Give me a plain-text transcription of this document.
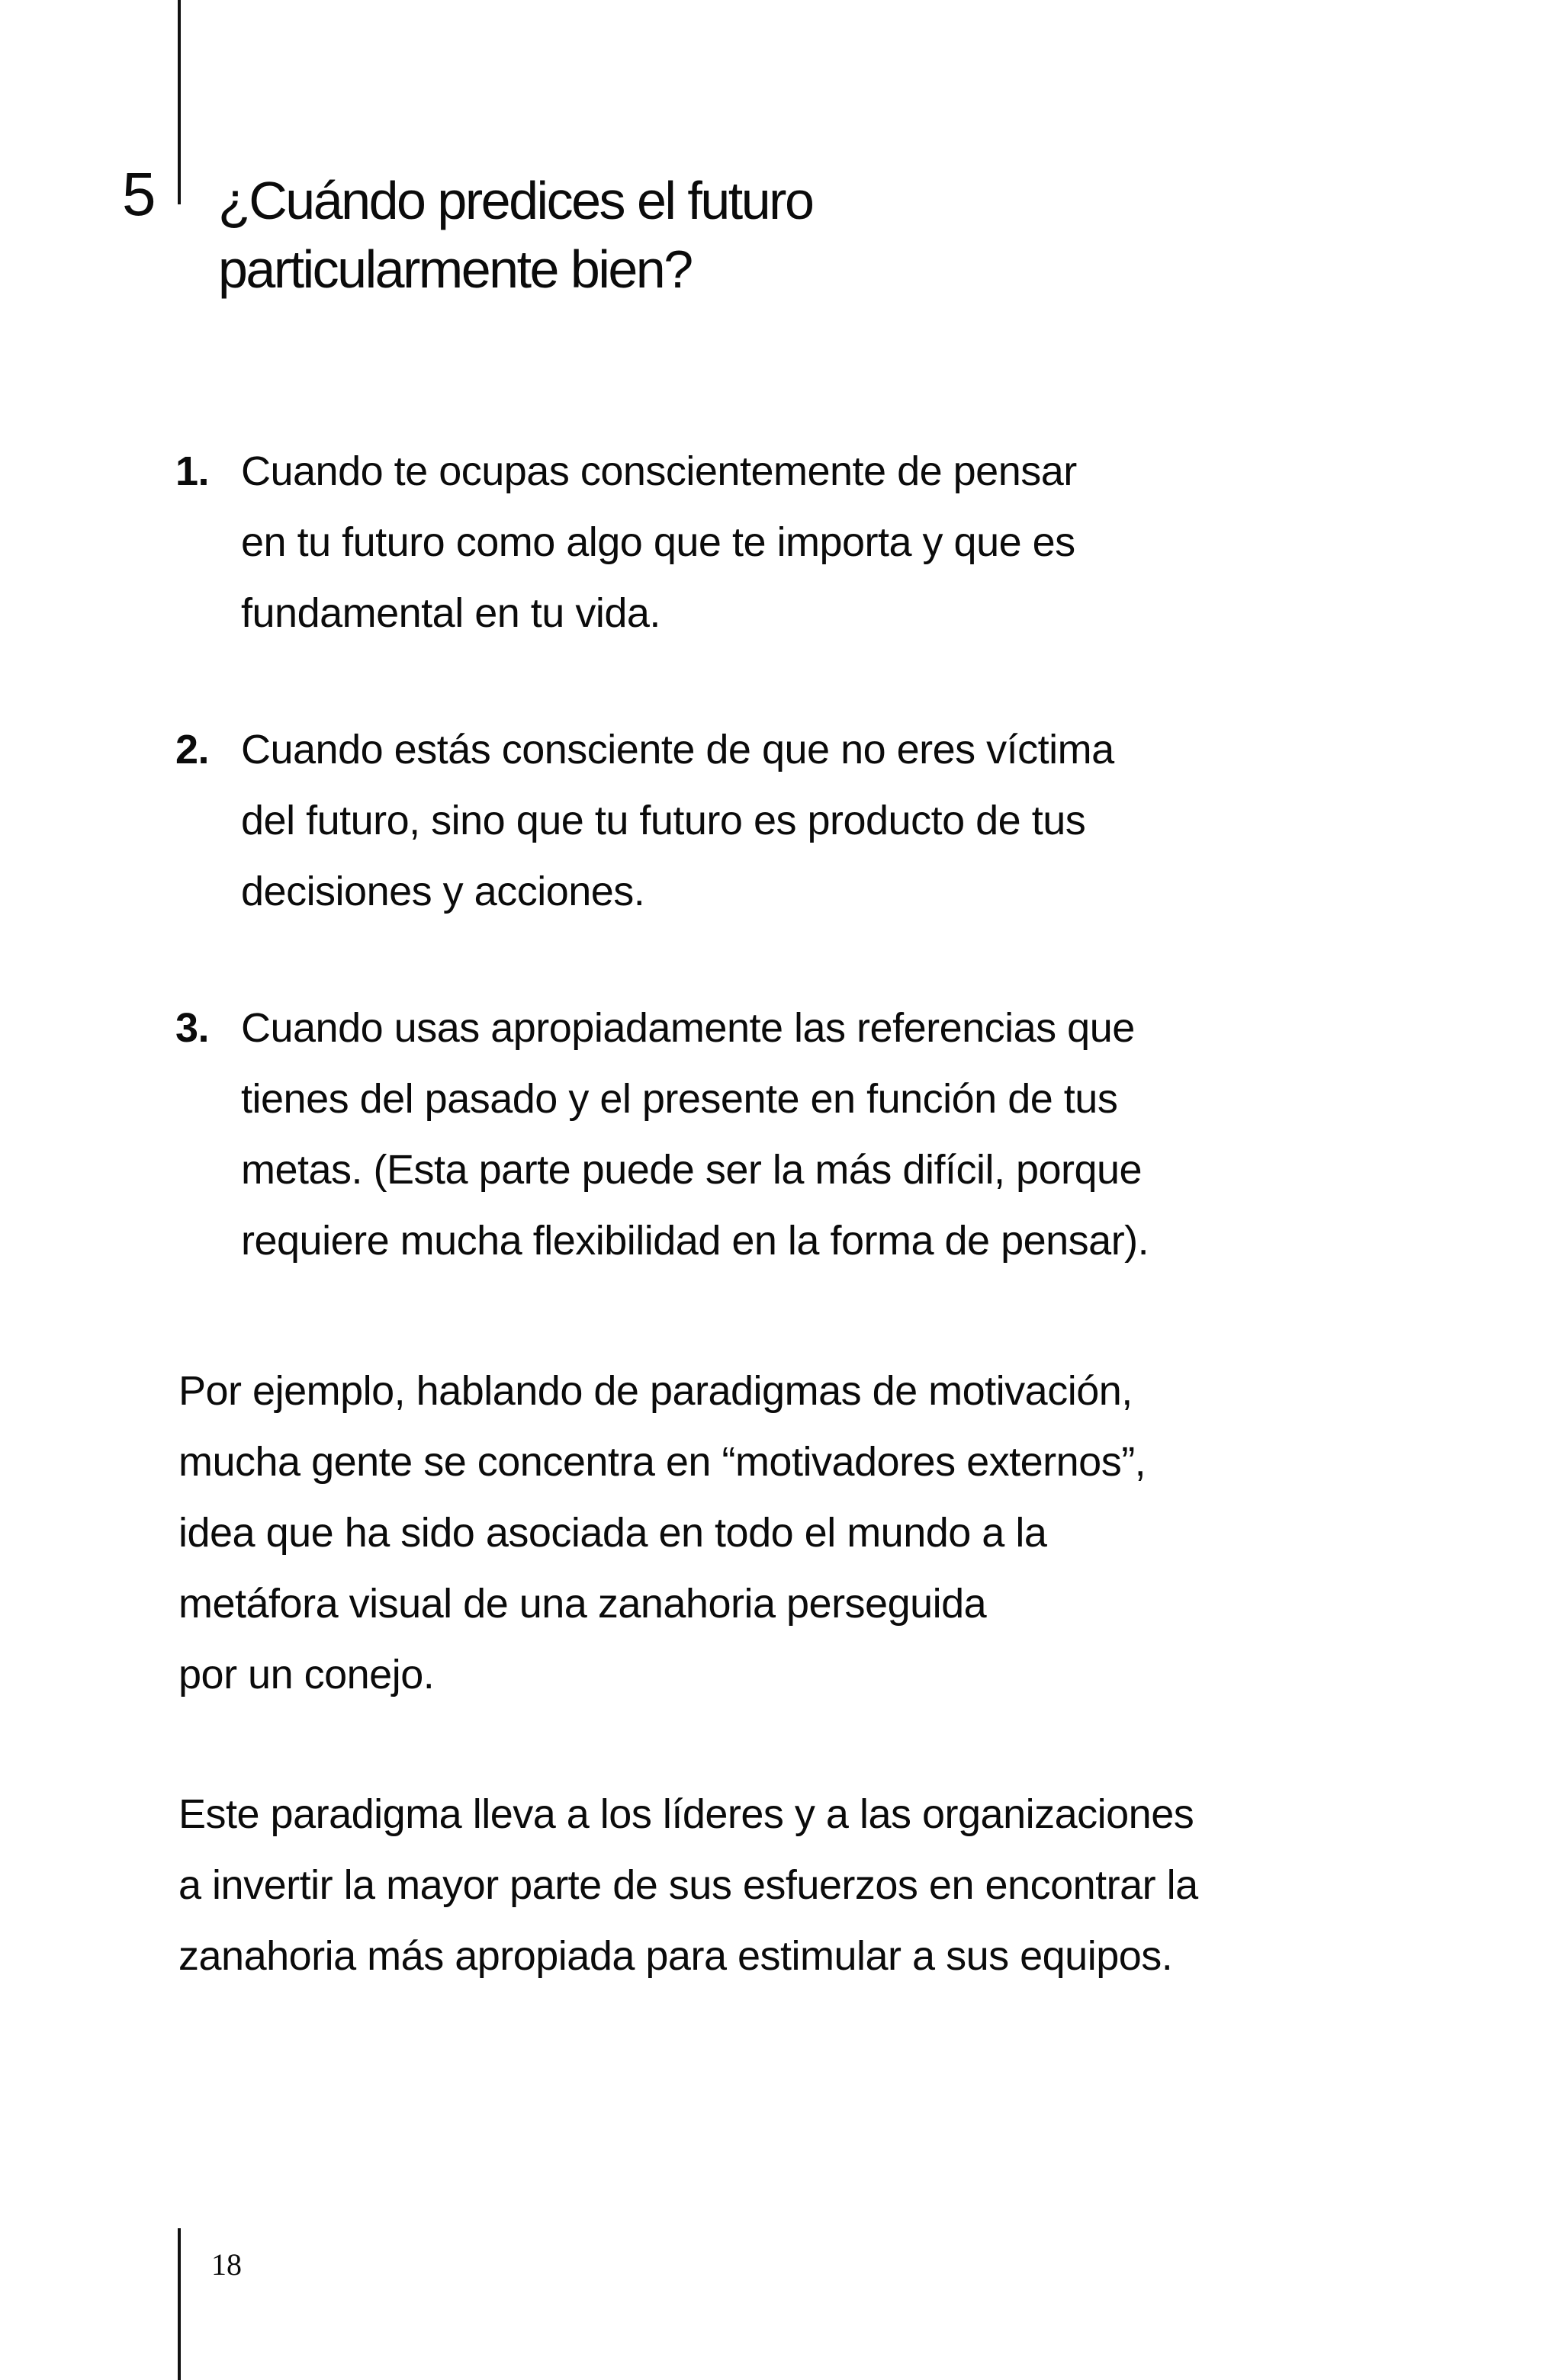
5 ¿Cuándo predices el futuro
particularmente bien?
1. Cuando te ocupas conscientemente de pensar
en tu futuro como algo que te importa y que es
fundamental en tu vida.
2. Cuando estás consciente de que no eres víctima
del futuro, sino que tu futuro es producto de tus
decisiones y acciones.
3. Cuando usas apropiadamente las referencias que
tienes del pasado y el presente en función de tus
metas. (Esta parte puede ser la más difícil, porque
requiere mucha flexibilidad en la forma de pensar).

Por ejemplo, hablando de paradigmas de motivación,
mucha gente se concentra en “motivadores externos”,
idea que ha sido asociada en todo el mundo a la
metáfora visual de una zanahoria perseguida
por un conejo.

Este paradigma lleva a los líderes y a las organizaciones
a invertir la mayor parte de sus esfuerzos en encontrar la
zanahoria más apropiada para estimular a sus equipos.

18
